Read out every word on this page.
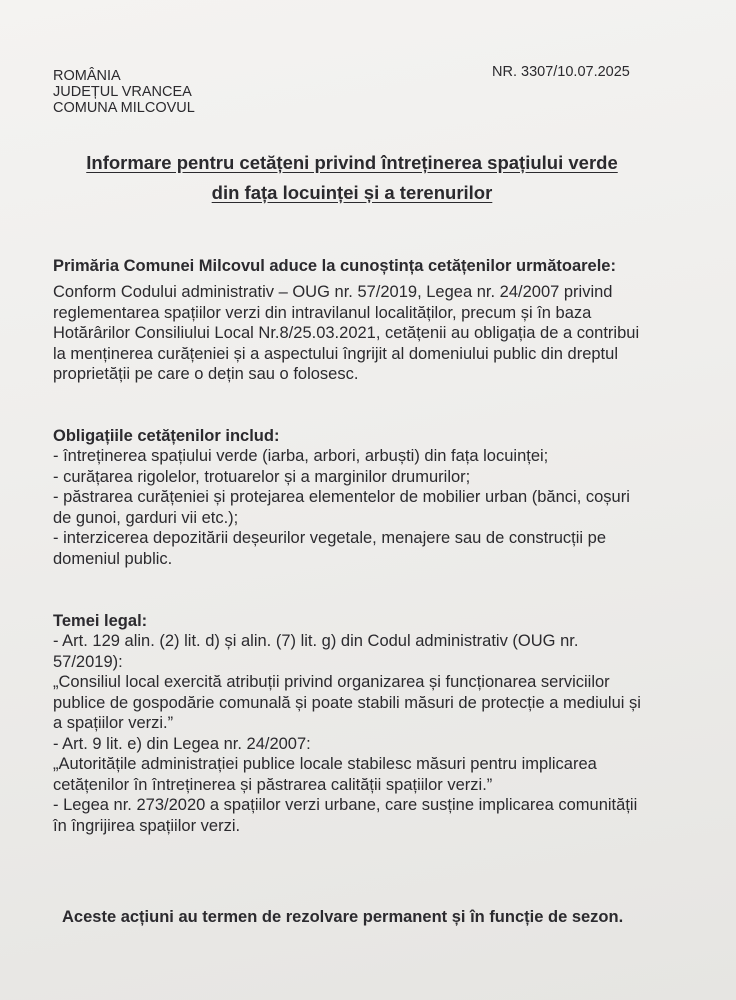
ROMÂNIA
JUDEȚUL VRANCEA
COMUNA MILCOVUL
NR. 3307/10.07.2025
Informare pentru cetățeni privind întreținerea spațiului verde
din fața locuinței și a terenurilor
Primăria Comunei Milcovul aduce la cunoștința cetățenilor următoarele:
Conform Codului administrativ – OUG nr. 57/2019, Legea nr. 24/2007 privind
reglementarea spațiilor verzi din intravilanul localităților, precum și în baza
Hotărârilor Consiliului Local Nr.8/25.03.2021, cetățenii au obligația de a contribui
la menținerea curățeniei și a aspectului îngrijit al domeniului public din dreptul
proprietății pe care o dețin sau o folosesc.
Obligațiile cetățenilor includ:
- întreținerea spațiului verde (iarba, arbori, arbuști) din fața locuinței;
- curățarea rigolelor, trotuarelor și a marginilor drumurilor;
- păstrarea curățeniei și protejarea elementelor de mobilier urban (bănci, coșuri
de gunoi, garduri vii etc.);
- interzicerea depozitării deșeurilor vegetale, menajere sau de construcții pe
domeniul public.
Temei legal:
- Art. 129 alin. (2) lit. d) și alin. (7) lit. g) din Codul administrativ (OUG nr.
57/2019):
„Consiliul local exercită atribuții privind organizarea și funcționarea serviciilor
publice de gospodărie comunală și poate stabili măsuri de protecție a mediului și
a spațiilor verzi.”
- Art. 9 lit. e) din Legea nr. 24/2007:
„Autoritățile administrației publice locale stabilesc măsuri pentru implicarea
cetățenilor în întreținerea și păstrarea calității spațiilor verzi.”
- Legea nr. 273/2020 a spațiilor verzi urbane, care susține implicarea comunității
în îngrijirea spațiilor verzi.
Aceste acțiuni au termen de rezolvare permanent și în funcție de sezon.
